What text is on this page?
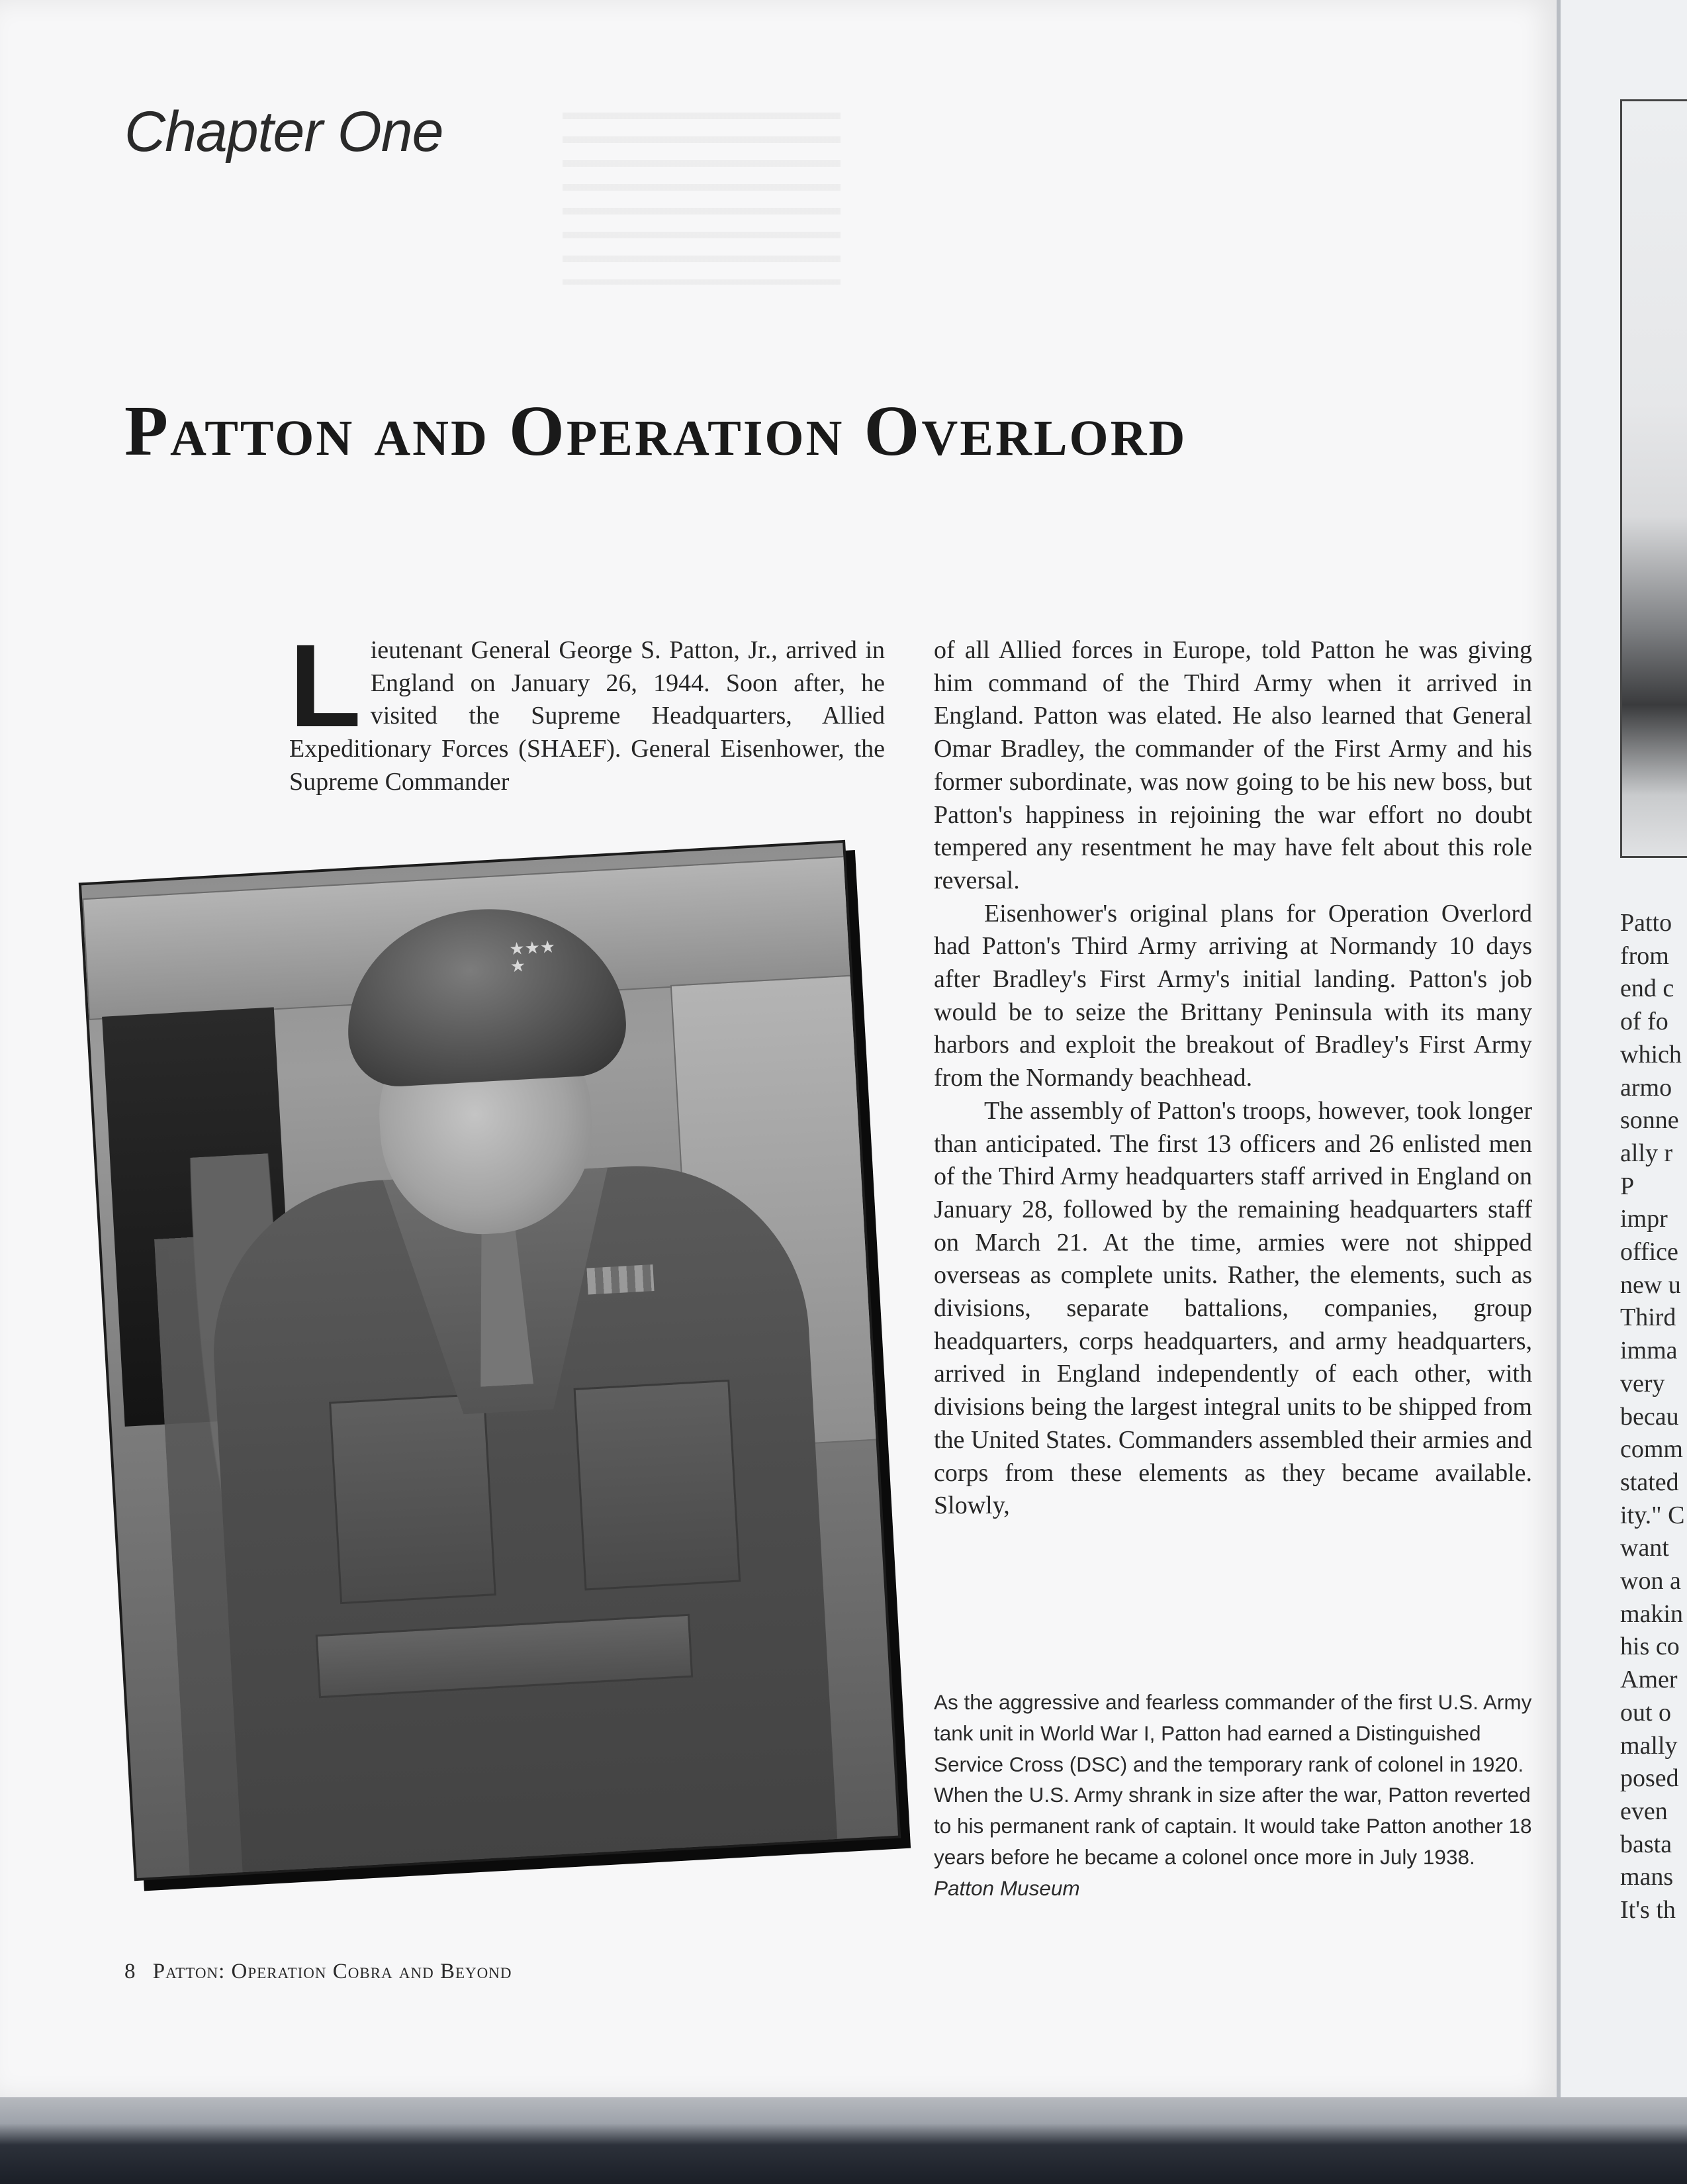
Chapter One
Patton and Operation Overlord

Lieutenant General George S. Patton, Jr., arrived in England on January 26, 1944. Soon after, he visited the Supreme Headquarters, Allied Expeditionary Forces (SHAEF). General Eisenhower, the Supreme Commander

★★★
★

of all Allied forces in Europe, told Patton he was giving him command of the Third Army when it arrived in England. Patton was elated. He also learned that General Omar Bradley, the commander of the First Army and his former subordinate, was now going to be his new boss, but Patton's happiness in rejoining the war effort no doubt tempered any resentment he may have felt about this role reversal.

Eisenhower's original plans for Operation Overlord had Patton's Third Army arriving at Normandy 10 days after Bradley's First Army's initial landing. Patton's job would be to seize the Brittany Peninsula with its many harbors and exploit the breakout of Bradley's First Army from the Normandy beachhead.

The assembly of Patton's troops, however, took longer than anticipated. The first 13 officers and 26 enlisted men of the Third Army headquarters staff arrived in England on January 28, followed by the remaining headquarters staff on March 21. At the time, armies were not shipped overseas as complete units. Rather, the elements, such as divisions, separate battalions, companies, group headquarters, corps headquarters, and army headquarters, arrived in England independently of each other, with divisions being the largest integral units to be shipped from the United States. Commanders assembled their armies and corps from these elements as they became available. Slowly,

As the aggressive and fearless commander of the first U.S. Army tank unit in World War I, Patton had earned a Distinguished Service Cross (DSC) and the temporary rank of colonel in 1920. When the U.S. Army shrank in size after the war, Patton reverted to his permanent rank of captain. It would take Patton another 18 years before he became a colonel once more in July 1938. Patton Museum
8 Patton: Operation Cobra and Beyond
Patto
from
end c
of fo
which
armo
sonne
ally r
P
impr
office
new u
Third
imma
very
becau
comm
stated
ity." C
want
won a
makin
his co
Amer
out o
mally
posed
even
basta
mans
It's th
